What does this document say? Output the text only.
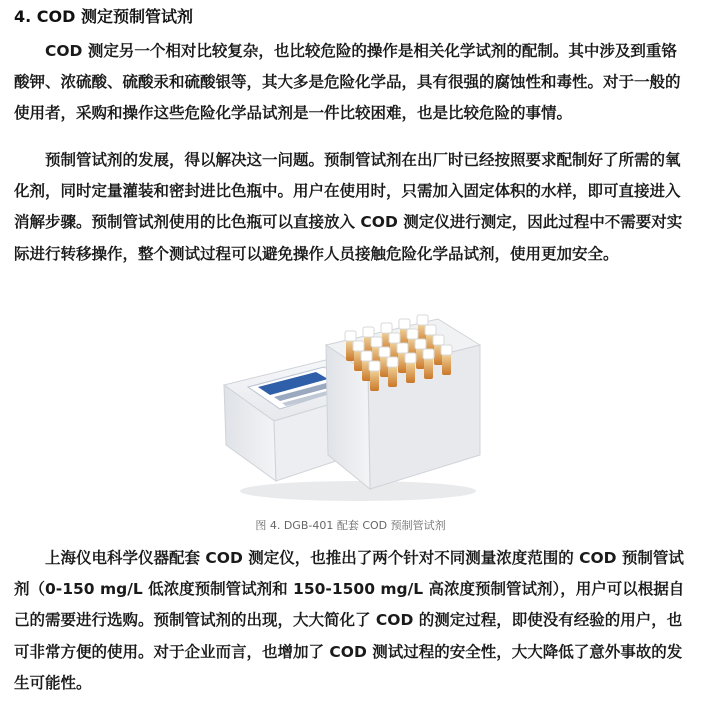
4. COD 测定预制管试剂

COD 测定另一个相对比较复杂，也比较危险的操作是相关化学试剂的配制。其中涉及到重铬酸钾、浓硫酸、硫酸汞和硫酸银等，其大多是危险化学品，具有很强的腐蚀性和毒性。对于一般的使用者，采购和操作这些危险化学品试剂是一件比较困难，也是比较危险的事情。

预制管试剂的发展，得以解决这一问题。预制管试剂在出厂时已经按照要求配制好了所需的氧化剂，同时定量灌装和密封进比色瓶中。用户在使用时，只需加入固定体积的水样，即可直接进入消解步骤。预制管试剂使用的比色瓶可以直接放入 COD 测定仪进行测定，因此过程中不需要对实际进行转移操作，整个测试过程可以避免操作人员接触危险化学品试剂，使用更加安全。

图 4. DGB-401 配套 COD 预制管试剂

上海仪电科学仪器配套 COD 测定仪，也推出了两个针对不同测量浓度范围的 COD 预制管试剂（0-150 mg/L 低浓度预制管试剂和 150-1500 mg/L 高浓度预制管试剂），用户可以根据自己的需要进行选购。预制管试剂的出现，大大简化了 COD 的测定过程，即使没有经验的用户，也可非常方便的使用。对于企业而言，也增加了 COD 测试过程的安全性，大大降低了意外事故的发生可能性。
